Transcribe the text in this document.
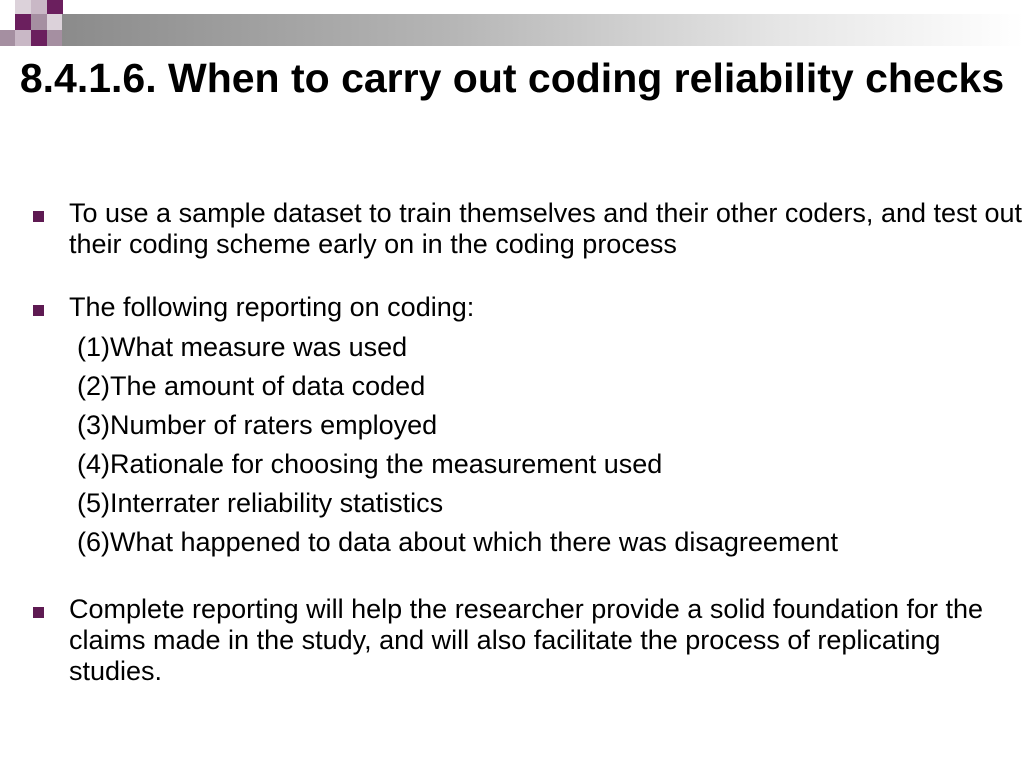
8.4.1.6. When to carry out coding reliability checks

To use a sample dataset to train themselves and their other coders, and test out their coding scheme early on in the coding process

The following reporting on coding:

(1)What measure was used
(2)The amount of data coded
(3)Number of raters employed
(4)Rationale for choosing the measurement used
(5)Interrater reliability statistics
(6)What happened to data about which there was disagreement

Complete reporting will help the researcher provide a solid foundation for the claims made in the study, and will also facilitate the process of replicating studies.
